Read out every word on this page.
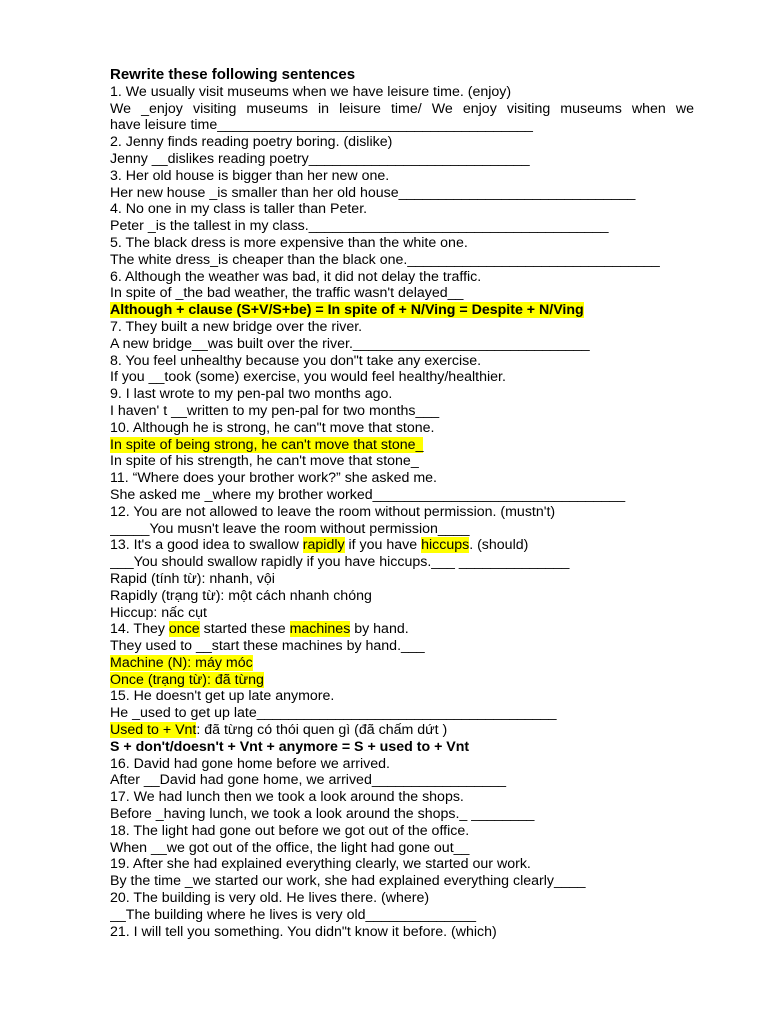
Rewrite these following sentences
1. We usually visit museums when we have leisure time. (enjoy)
We _enjoy visiting museums in leisure time/ We enjoy visiting museums when we
have leisure time________________________________________
2. Jenny finds reading poetry boring. (dislike)
Jenny __dislikes reading poetry____________________________
3. Her old house is bigger than her new one.
Her new house _is smaller than her old house______________________________
4. No one in my class is taller than Peter.
Peter _is the tallest in my class.______________________________________
5. The black dress is more expensive than the white one.
The white dress_is cheaper than the black one.________________________________
6. Although the weather was bad, it did not delay the traffic.
In spite of _the bad weather, the traffic wasn't delayed__
Although + clause (S+V/S+be) = In spite of + N/Ving = Despite + N/Ving
7. They built a new bridge over the river.
A new bridge__was built over the river.______________________________
8. You feel unhealthy because you don"t take any exercise.
If you __took (some) exercise, you would feel healthy/healthier.
9. I last wrote to my pen-pal two months ago.
I haven' t __written to my pen-pal for two months___
10. Although he is strong, he can"t move that stone.
In spite of being strong, he can't move that stone_
In spite of his strength, he can't move that stone_
11. “Where does your brother work?” she asked me.
She asked me _where my brother worked________________________________
12. You are not allowed to leave the room without permission. (mustn't)
_____You musn't leave the room without permission____
13. It's a good idea to swallow rapidly if you have hiccups. (should)
___You should swallow rapidly if you have hiccups.___ ______________
Rapid (tính từ): nhanh, vội
Rapidly (trạng từ): một cách nhanh chóng
Hiccup: nấc cụt
14. They once started these machines by hand.
They used to __start these machines by hand.___
Machine (N): máy móc
Once (trạng từ): đã từng
15. He doesn't get up late anymore.
He _used to get up late______________________________________
Used to + Vnt: đã từng có thói quen gì (đã chấm dứt )
S + don't/doesn't + Vnt + anymore = S + used to + Vnt
16. David had gone home before we arrived.
After __David had gone home, we arrived_________________
17. We had lunch then we took a look around the shops.
Before _having lunch, we took a look around the shops._ ________
18. The light had gone out before we got out of the office.
When __we got out of the office, the light had gone out__
19. After she had explained everything clearly, we started our work.
By the time _we started our work, she had explained everything clearly____
20. The building is very old. He lives there. (where)
__The building where he lives is very old______________
21. I will tell you something. You didn"t know it before. (which)
